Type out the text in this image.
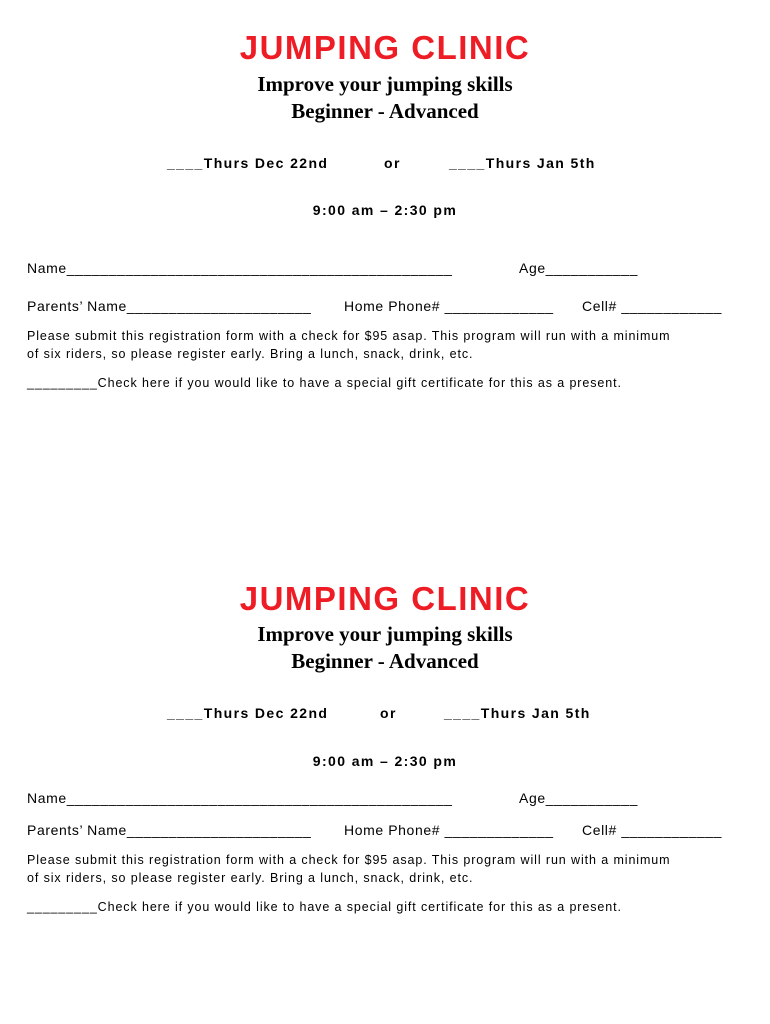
JUMPING CLINIC
Improve your jumping skills
Beginner - Advanced
____Thurs Dec 22nd	or	____Thurs Jan 5th
9:00 am – 2:30 pm
Name______________________________________________	Age___________
Parents’ Name______________________ Home Phone# _____________ Cell# ____________
Please submit this registration form with a check for $95 asap. This program will run with a minimum
of six riders, so please register early. Bring a lunch, snack, drink, etc.
_________Check here if you would like to have a special gift certificate for this as a present.
JUMPING CLINIC
Improve your jumping skills
Beginner - Advanced
____Thurs Dec 22nd	or	____Thurs Jan 5th
9:00 am – 2:30 pm
Name______________________________________________	Age___________
Parents’ Name______________________ Home Phone# _____________ Cell# ____________
Please submit this registration form with a check for $95 asap. This program will run with a minimum
of six riders, so please register early. Bring a lunch, snack, drink, etc.
_________Check here if you would like to have a special gift certificate for this as a present.
